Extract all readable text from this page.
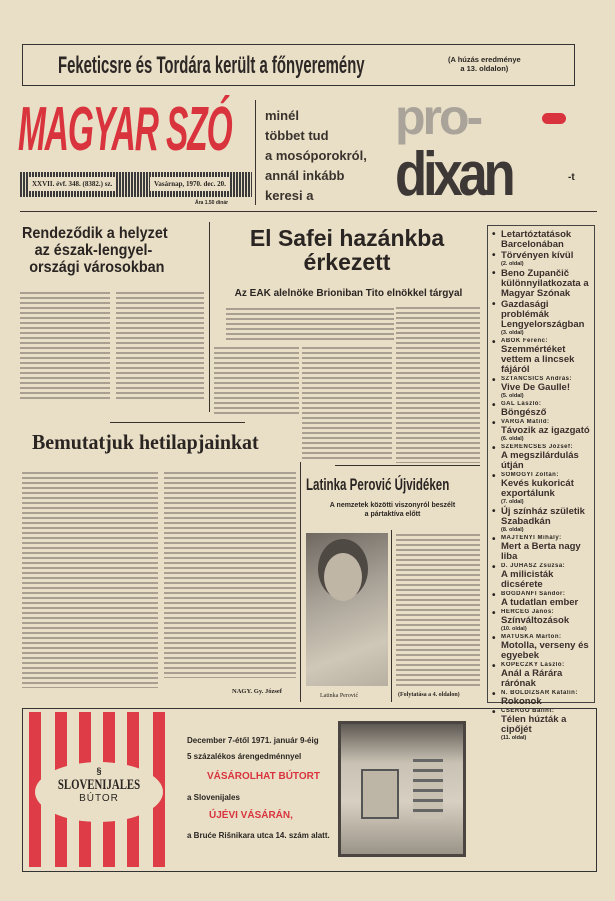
Feketicsre és Tordára került a főnyeremény	(A húzás eredménye
a 13. oldalon)
MAGYAR SZÓ
XXVII. évf. 348. (8382.) sz.	Vasárnap, 1970. dec. 20.
Ára 1.50 dinár
minél
többet tud
a mosóporokról,
annál inkább
keresi a
pro-
dixan	-t
Rendeződik a helyzet
az észak-lengyel-
országi városokban
El Safei hazánkba
érkezett
Az EAK alelnöke Brioniban Tito elnökkel tárgyal
• Letartóztatások Barcelonában
• Törvényen kívül
(2. oldal)
• Beno Zupančič különnyilatkozata a Magyar Szónak
• Gazdasági problémák Lengyelországban
(3. oldal)
• ABOK Ferenc:
Szemmértéket vettem a lincsek fájáról
• SZTANCSICS András:
Vive De Gaulle!
(5. oldal)
• GÁL László:
Böngésző
• VARGA Matild:
Távozik az igazgató
(6. oldal)
• SZERENCSÉS József:
A megszilárdulás útján
• SOMOGYI Zoltán:
Kevés kukoricát exportálunk
(7. oldal)
• Új színház születik Szabadkán
(8. oldal)
• MAJTÉNYI Mihály:
Mert a Berta nagy liba
• D. JUHÁSZ Zsuzsa:
A milicisták dicsérete
• BOGDÁNFI Sándor:
A tudatlan ember
• HERCEG János:
Színváltozások
(10. oldal)
• MATUSKA Márton:
Motolla, verseny és egyebek
• KOPECZKY László:
Anál a Rárára rárónak
• N. BOLDIZSÁR Katalin:
Rokonok
• CSERGŐ Bálint:
Télen húzták a cipőjét
(11. oldal)
Bemutatjuk hetilapjainkat
NAGY. Gy. József
Latinka Perović Újvidéken
A nemzetek közötti viszonyról beszélt
a pártaktíva előtt
Latinka Perović	(Folytatása a 4. oldalon)
§
SLOVENIJALES
BÚTOR
December 7-étől 1971. január 9-éig
5 százalékos árengedménnyel
VÁSÁROLHAT BÚTORT
a Slovenijales
ÚJÉVI VÁSÁRÁN,
a Bruće Rišnikara utca 14. szám alatt.
